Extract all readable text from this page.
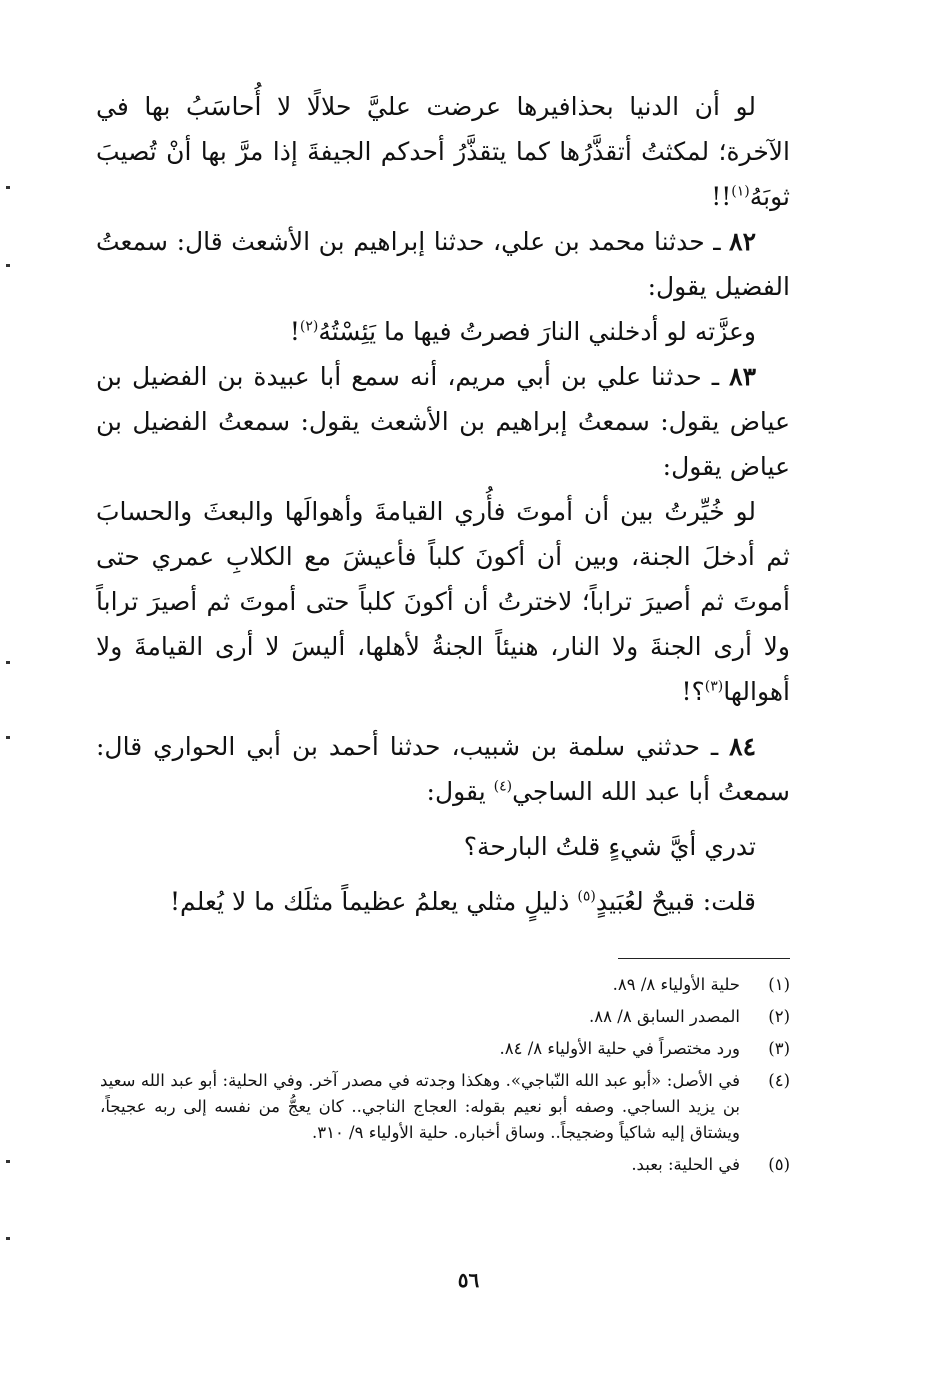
لو أن الدنيا بحذافيرها عرضت عليَّ حلالًا لا أُحاسَبُ بها في الآخرة؛ لمكثتُ أتقذَّرُها كما يتقذَّرُ أحدكم الجيفةَ إذا مرَّ بها أنْ تُصيبَ ثوبَهُ$^{(١)}$!!

٨٢ ـ حدثنا محمد بن علي، حدثنا إبراهيم بن الأشعث قال: سمعتُ الفضيل يقول:

وعزَّته لو أدخلني النارَ فصرتُ فيها ما يَئِسْتُهُ$^{(٢)}$!

٨٣ ـ حدثنا علي بن أبي مريم، أنه سمع أبا عبيدة بن الفضيل بن عياض يقول: سمعتُ إبراهيم بن الأشعث يقول: سمعتُ الفضيل بن عياض يقول:

لو خُيِّرتُ بين أن أموتَ فأُري القيامةَ وأهوالَها والبعثَ والحسابَ ثم أدخلَ الجنة، وبين أن أكونَ كلباً فأعيشَ مع الكلابِ عمري حتى أموتَ ثم أصيرَ تراباً؛ لاخترتُ أن أكونَ كلباً حتى أموتَ ثم أصيرَ تراباً ولا أرى الجنةَ ولا النار، هنيئاً الجنةُ لأهلها، أليسَ لا أرى القيامةَ ولا أهوالها$^{(٣)}$؟!

٨٤ ـ حدثني سلمة بن شبيب، حدثنا أحمد بن أبي الحواري قال: سمعتُ أبا عبد الله الساجي$^{(٤)}$ يقول:

تدري أيَّ شيءٍ قلتُ البارحة؟

قلت: قبيحٌ لعُبَيدٍ$^{(٥)}$ ذليلٍ مثلي يعلمُ عظيماً مثلَك ما لا يُعلم!

(١)
حلية الأولياء ٨/ ٨٩.
(٢)
المصدر السابق ٨/ ٨٨.
(٣)
ورد مختصراً في حلية الأولياء ٨/ ٨٤.
(٤)
في الأصل: «أبو عبد الله النّباجي». وهكذا وجدته في مصدر آخر. وفي الحلية: أبو عبد الله سعيد بن يزيد الساجي. وصفه أبو نعيم بقوله: العجاج الناجي.. كان يعجُّ من نفسه إلى ربه عجيجاً، ويشتاق إليه شاكياً وضجيجاً.. وساق أخباره. حلية الأولياء ٩/ ٣١٠.
(٥)
في الحلية: بعبد.
٥٦
